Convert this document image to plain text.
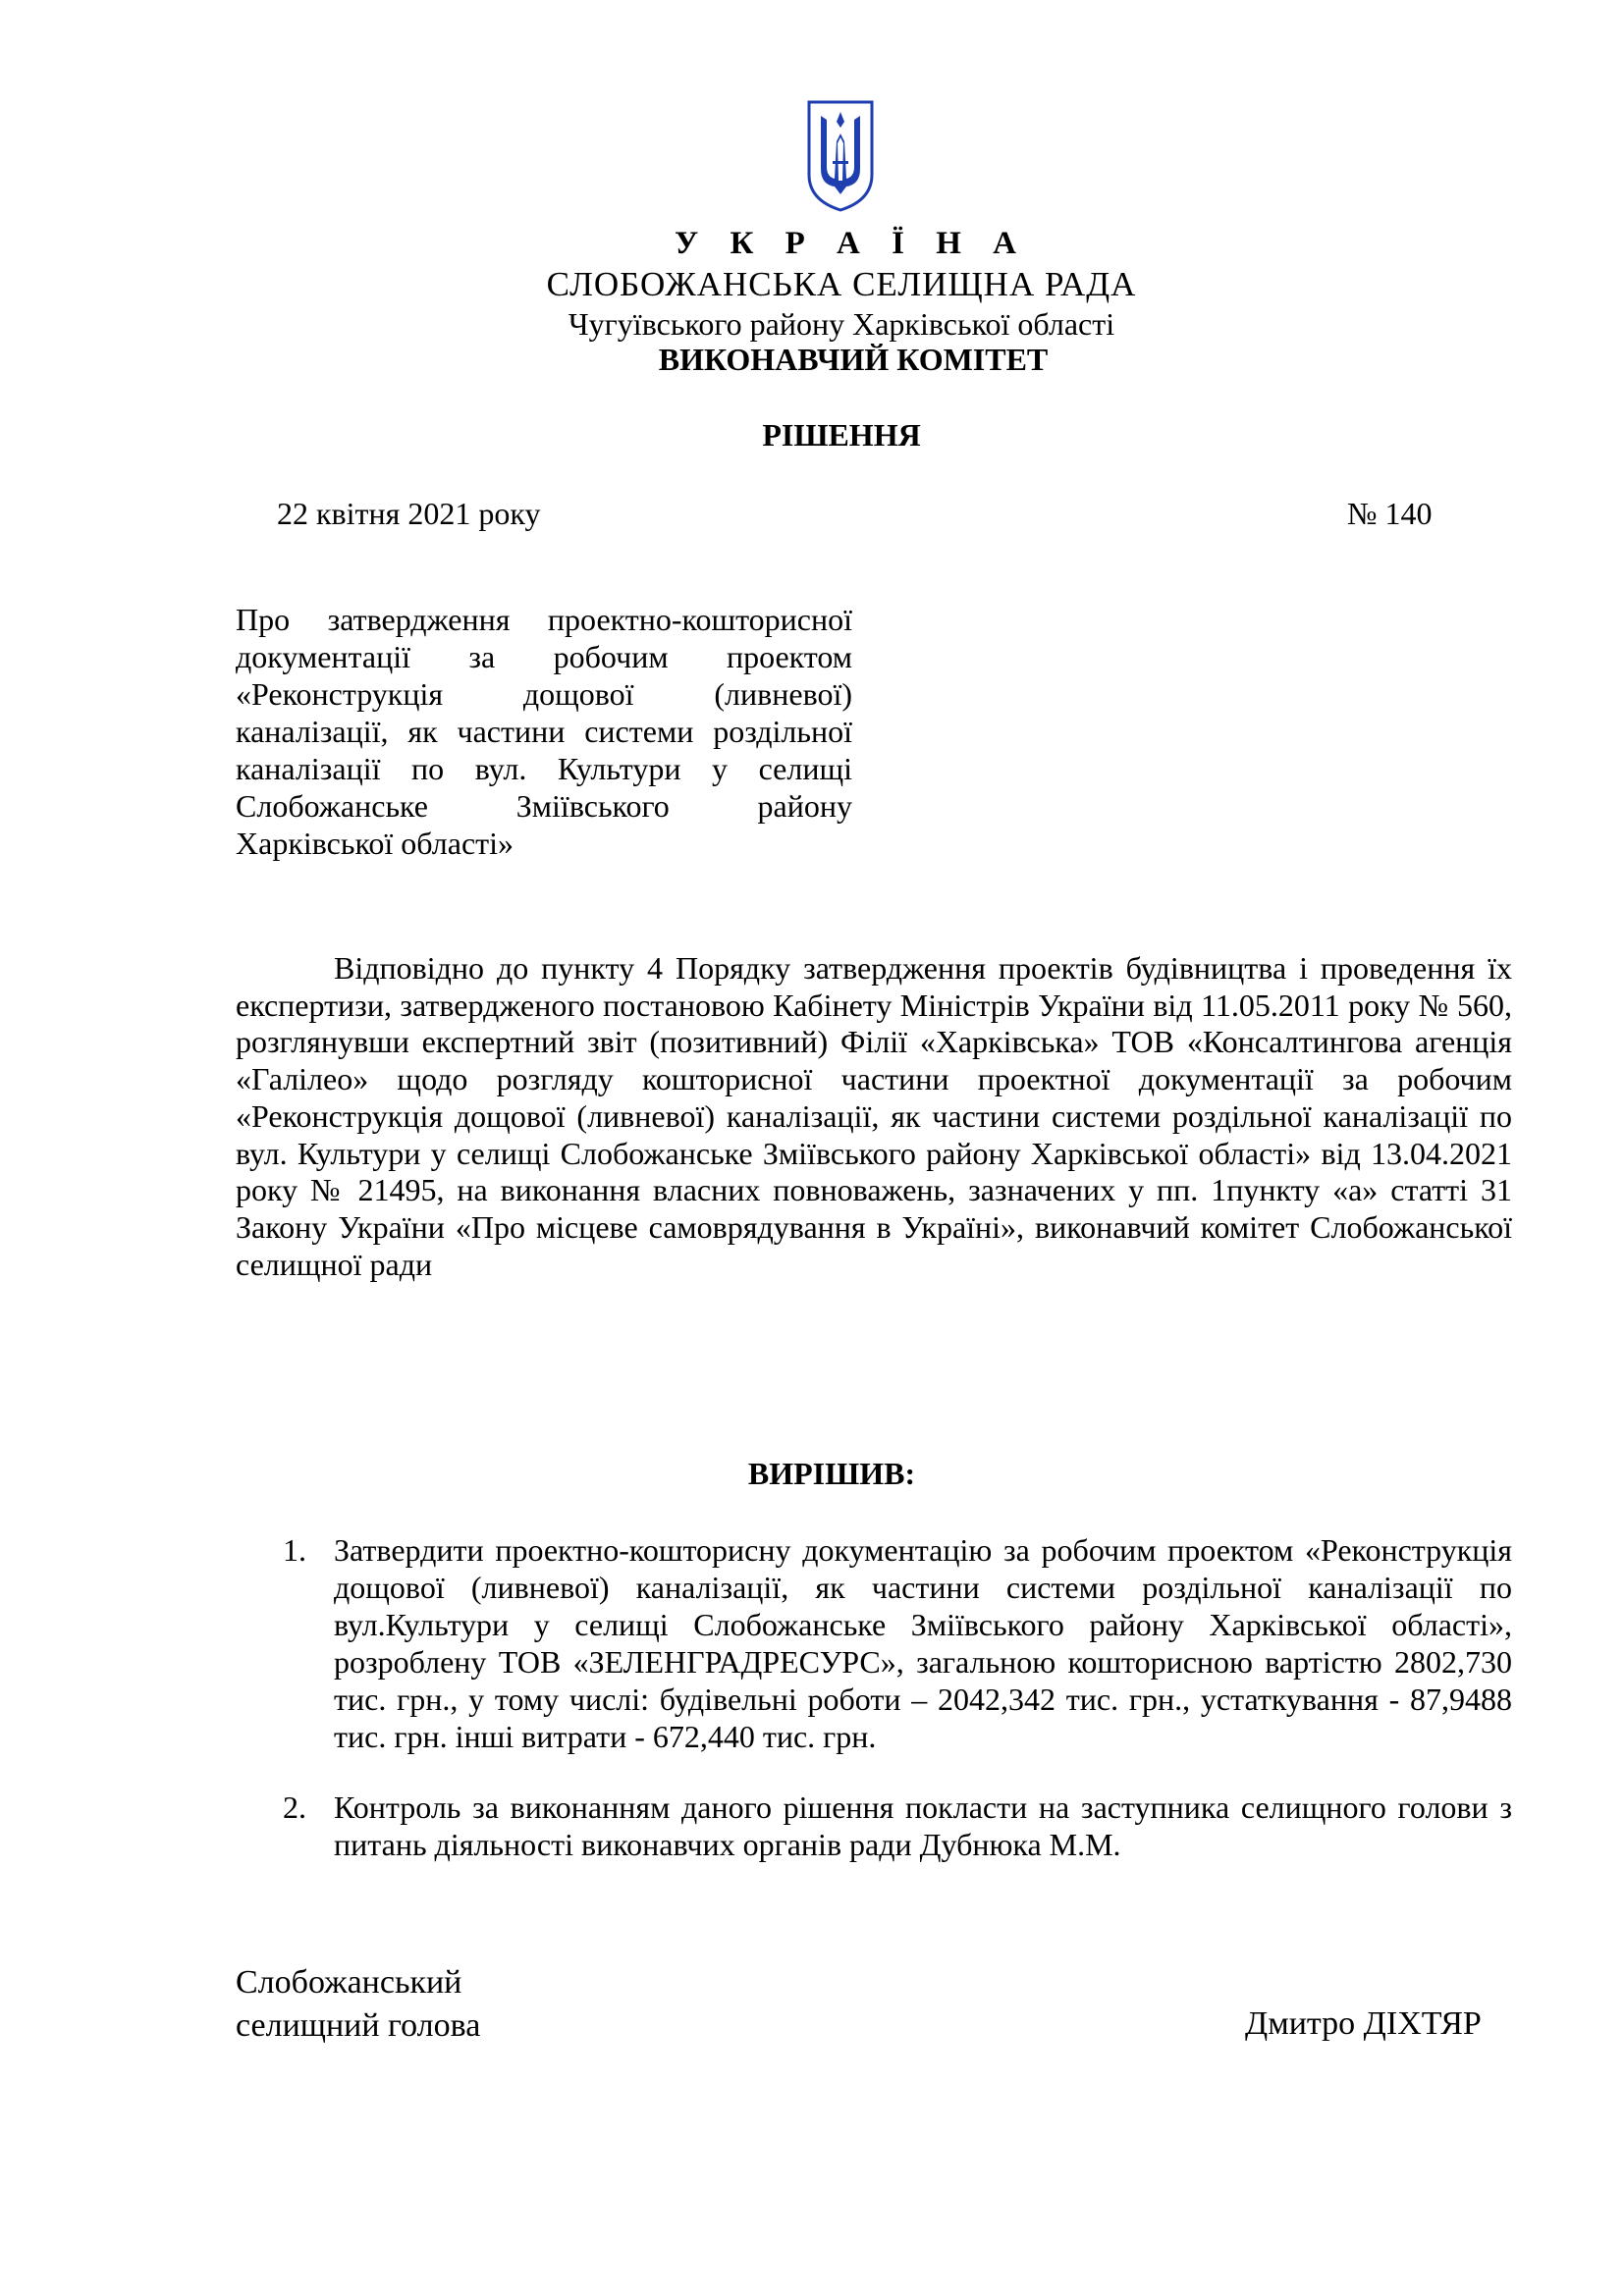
У К Р А Ї Н А
СЛОБОЖАНСЬКА СЕЛИЩНА РАДА
Чугуївського району Харківської області
ВИКОНАВЧИЙ КОМІТЕТ
РІШЕННЯ
22 квітня 2021 року	№ 140
Про затвердження проектно-кошторисної документації за робочим проектом «Реконструкція дощової (ливневої) каналізації, як частини системи роздільної каналізації по вул. Культури у селищі Слобожанське Зміївського району Харківської області»
Відповідно до пункту 4 Порядку затвердження проектів будівництва і проведення їх експертизи, затвердженого постановою Кабінету Міністрів України від 11.05.2011 року № 560, розглянувши експертний звіт (позитивний) Філії «Харківська» ТОВ «Консалтингова агенція «Галілео» щодо розгляду кошторисної частини проектної документації за робочим «Реконструкція дощової (ливневої) каналізації, як частини системи роздільної каналізації по вул. Культури у селищі Слобожанське Зміївського району Харківської області» від 13.04.2021 року № 21495, на виконання власних повноважень, зазначених у пп. 1пункту «а» статті 31 Закону України «Про місцеве самоврядування в Україні», виконавчий комітет Слобожанської селищної ради
ВИРІШИВ:
1. Затвердити проектно-кошторисну документацію за робочим проектом «Реконструкція дощової (ливневої) каналізації, як частини системи роздільної каналізації по вул.Культури у селищі Слобожанське Зміївського району Харківської області», розроблену ТОВ «ЗЕЛЕНГРАДРЕСУРС», загальною кошторисною вартістю 2802,730 тис. грн., у тому числі: будівельні роботи – 2042,342 тис. грн., устаткування - 87,9488 тис. грн. інші витрати - 672,440 тис. грн.
2. Контроль за виконанням даного рішення покласти на заступника селищного голови з питань діяльності виконавчих органів ради Дубнюка М.М.
Слобожанський
селищний голова	Дмитро ДІХТЯР
